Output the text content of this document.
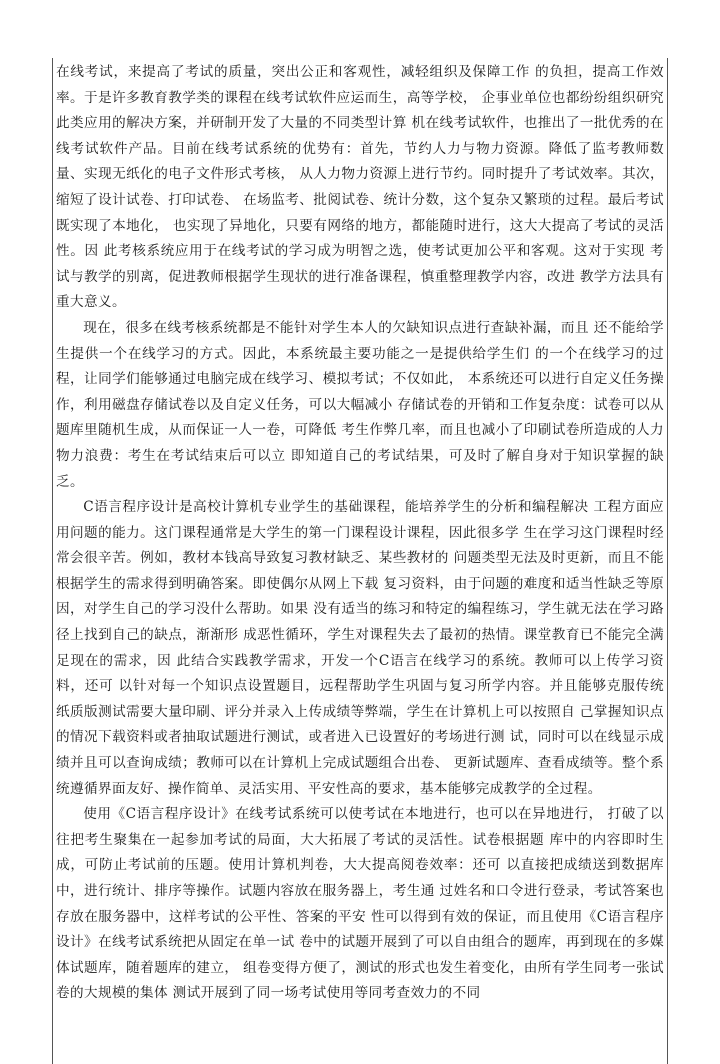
在线考试，来提高了考试的质量，突出公正和客观性，减轻组织及保障工作 的负担，提高工作效率。于是许多教育教学类的课程在线考试软件应运而生，高等学校， 企事业单位也都纷纷组织研究此类应用的解决方案，并研制开发了大量的不同类型计算 机在线考试软件，也推出了一批优秀的在线考试软件产品。目前在线考试系统的优势有：首先，节约人力与物力资源。降低了监考教师数量、实现无纸化的电子文件形式考核， 从人力物力资源上进行节约。同时提升了考试效率。其次，缩短了设计试卷、打印试卷、 在场监考、批阅试卷、统计分数，这个复杂又繁琐的过程。最后考试既实现了本地化， 也实现了异地化，只要有网络的地方，都能随时进行，这大大提高了考试的灵活性。因 此考核系统应用于在线考试的学习成为明智之选，使考试更加公平和客观。这对于实现 考试与教学的别离，促进教师根据学生现状的进行准备课程，慎重整理教学内容，改进 教学方法具有重大意义。

现在，很多在线考核系统都是不能针对学生本人的欠缺知识点进行查缺补漏，而且 还不能给学生提供一个在线学习的方式。因此，本系统最主要功能之一是提供给学生们 的一个在线学习的过程，让同学们能够通过电脑完成在线学习、模拟考试；不仅如此， 本系统还可以进行自定义任务操作，利用磁盘存储试卷以及自定义任务，可以大幅减小 存储试卷的开销和工作复杂度：试卷可以从题库里随机生成，从而保证一人一卷，可降低 考生作弊几率，而且也减小了印刷试卷所造成的人力物力浪费：考生在考试结束后可以立 即知道自己的考试结果，可及时了解自身对于知识掌握的缺乏。

C语言程序设计是高校计算机专业学生的基础课程，能培养学生的分析和编程解决 工程方面应用问题的能力。这门课程通常是大学生的第一门课程设计课程，因此很多学 生在学习这门课程时经常会很辛苦。例如，教材本钱高导致复习教材缺乏、某些教材的 问题类型无法及时更新，而且不能根据学生的需求得到明确答案。即使偶尔从网上下载 复习资料，由于问题的难度和适当性缺乏等原因，对学生自己的学习没什么帮助。如果 没有适当的练习和特定的编程练习，学生就无法在学习路径上找到自己的缺点，渐渐形 成恶性循环，学生对课程失去了最初的热情。课堂教育已不能完全满足现在的需求，因 此结合实践教学需求，开发一个C语言在线学习的系统。教师可以上传学习资料，还可 以针对每一个知识点设置题目，远程帮助学生巩固与复习所学内容。并且能够克服传统 纸质版测试需要大量印刷、评分并录入上传成绩等弊端，学生在计算机上可以按照自 己掌握知识点的情况下载资料或者抽取试题进行测试，或者进入已设置好的考场进行测 试，同时可以在线显示成绩并且可以查询成绩；教师可以在计算机上完成试题组合出卷、 更新试题库、查看成绩等。整个系统遵循界面友好、操作简单、灵活实用、平安性高的要求，基本能够完成教学的全过程。

使用《C语言程序设计》在线考试系统可以使考试在本地进行，也可以在异地进行， 打破了以往把考生聚集在一起参加考试的局面，大大拓展了考试的灵活性。试卷根据题 库中的内容即时生成，可防止考试前的压题。使用计算机判卷，大大提高阅卷效率：还可 以直接把成绩送到数据库中，进行统计、排序等操作。试题内容放在服务器上，考生通 过姓名和口令进行登录，考试答案也存放在服务器中，这样考试的公平性、答案的平安 性可以得到有效的保证，而且使用《C语言程序设计》在线考试系统把从固定在单一试 卷中的试题开展到了可以自由组合的题库，再到现在的多媒体试题库，随着题库的建立， 组卷变得方便了，测试的形式也发生着变化，由所有学生同考一张试卷的大规模的集体 测试开展到了同一场考试使用等同考查效力的不同
